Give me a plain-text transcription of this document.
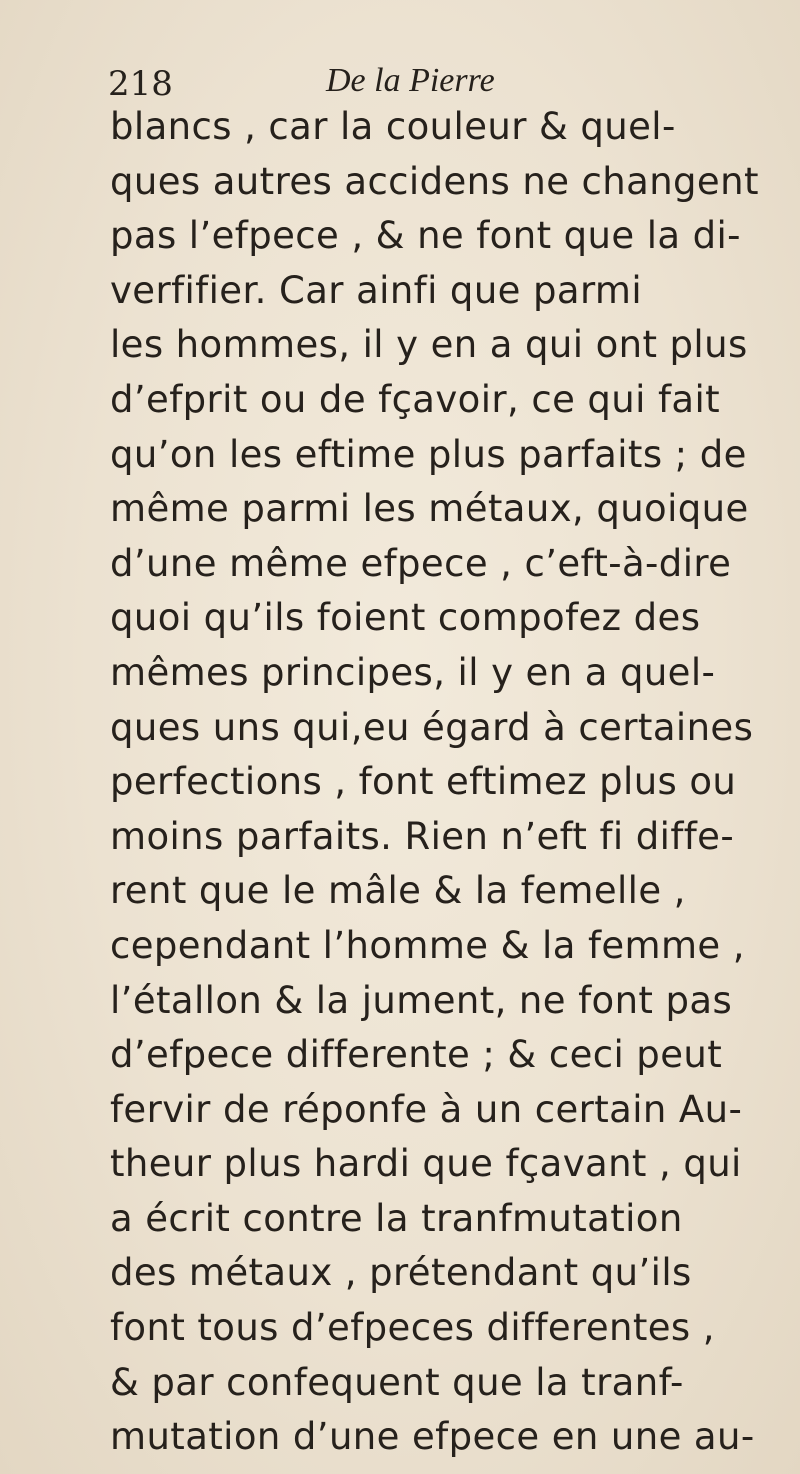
218	De la Pierre
blancs , car la couleur & quel-
ques autres accidens ne changent
pas l’efpece , & ne font que la di-
verfifier. Car ainfi que parmi
les hommes, il y en a qui ont plus
d’efprit ou de fçavoir, ce qui fait
qu’on les eftime plus parfaits ; de
même parmi les métaux, quoique
d’une même efpece , c’eft-à-dire
quoi qu’ils foient compofez des
mêmes principes, il y en a quel-
ques uns qui,eu égard à certaines
perfections , font eftimez plus ou
moins parfaits. Rien n’eft fi diffe-
rent que le mâle & la femelle ,
cependant l’homme & la femme ,
l’étallon & la jument, ne font pas
d’efpece differente ; & ceci peut
fervir de réponfe à un certain Au-
theur plus hardi que fçavant , qui
a écrit contre la tranfmutation
des métaux , prétendant qu’ils
font tous d’efpeces differentes ,
& par confequent que la tranf-
mutation d’une efpece en une au-
